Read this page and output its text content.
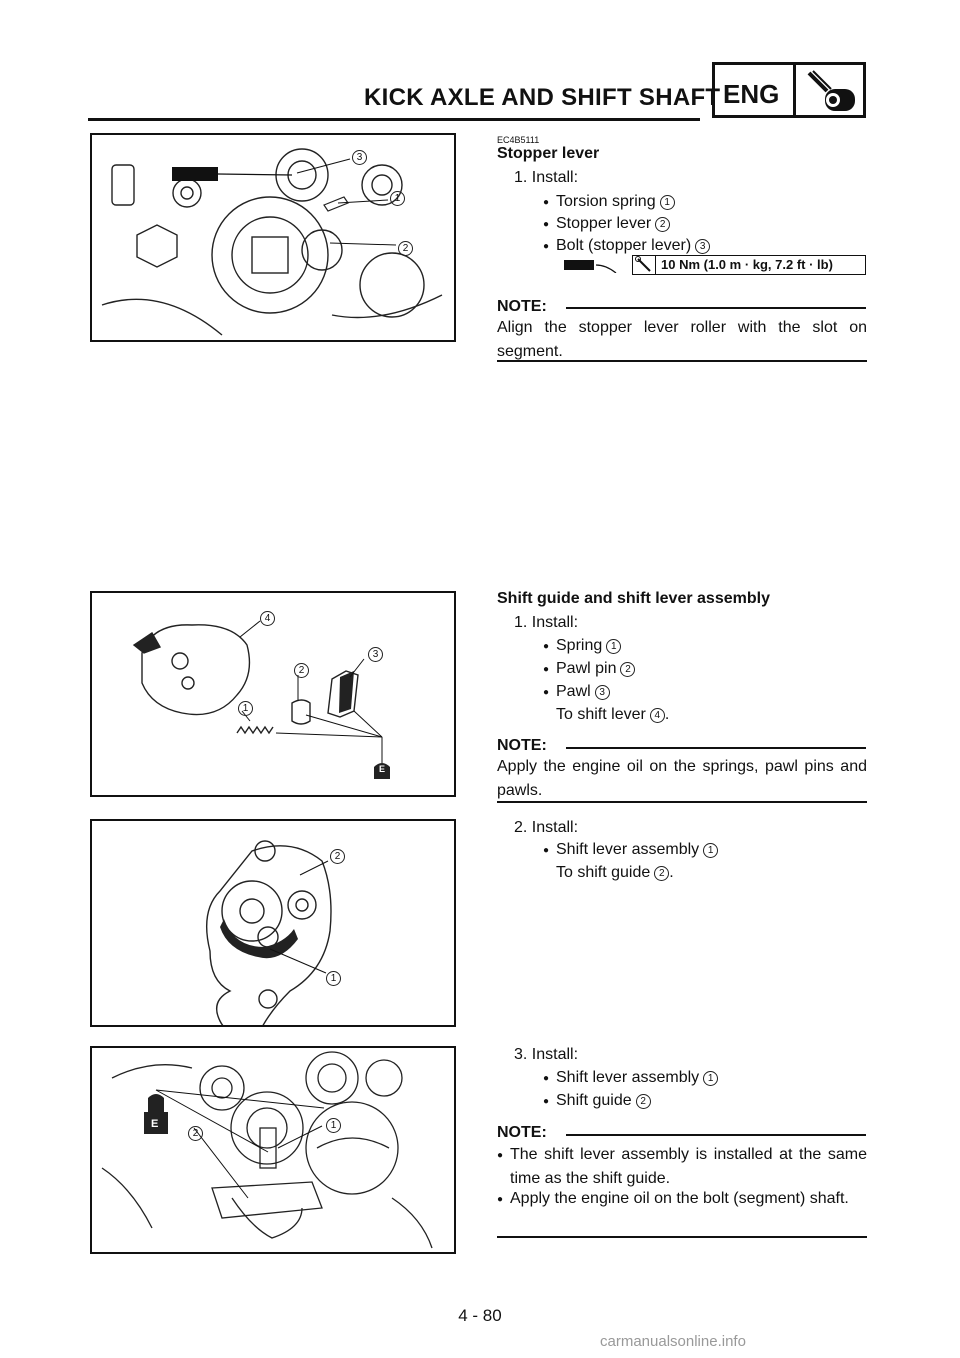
KICK AXLE AND SHIFT SHAFT ENG
3
1
2
EC4B5111
Stopper lever
1. Install:
● Torsion spring 1
● Stopper lever 2
● Bolt (stopper lever) 3
10 Nm (1.0 m · kg, 7.2 ft · lb)
NOTE:
Align the stopper lever roller with the slot on segment.
4
2
3
1
E
Shift guide and shift lever assembly
1. Install:
● Spring 1
● Pawl pin 2
● Pawl 3
To shift lever 4 .
NOTE:
Apply the engine oil on the springs, pawl pins and pawls.
2
1
2. Install:
● Shift lever assembly 1
To shift guide 2 .
E
2
1
3. Install:
● Shift lever assembly 1
● Shift guide 2
NOTE:
● The shift lever assembly is installed at the same time as the shift guide.
● Apply the engine oil on the bolt (segment) shaft.
4 - 80
carmanualsonline.info
